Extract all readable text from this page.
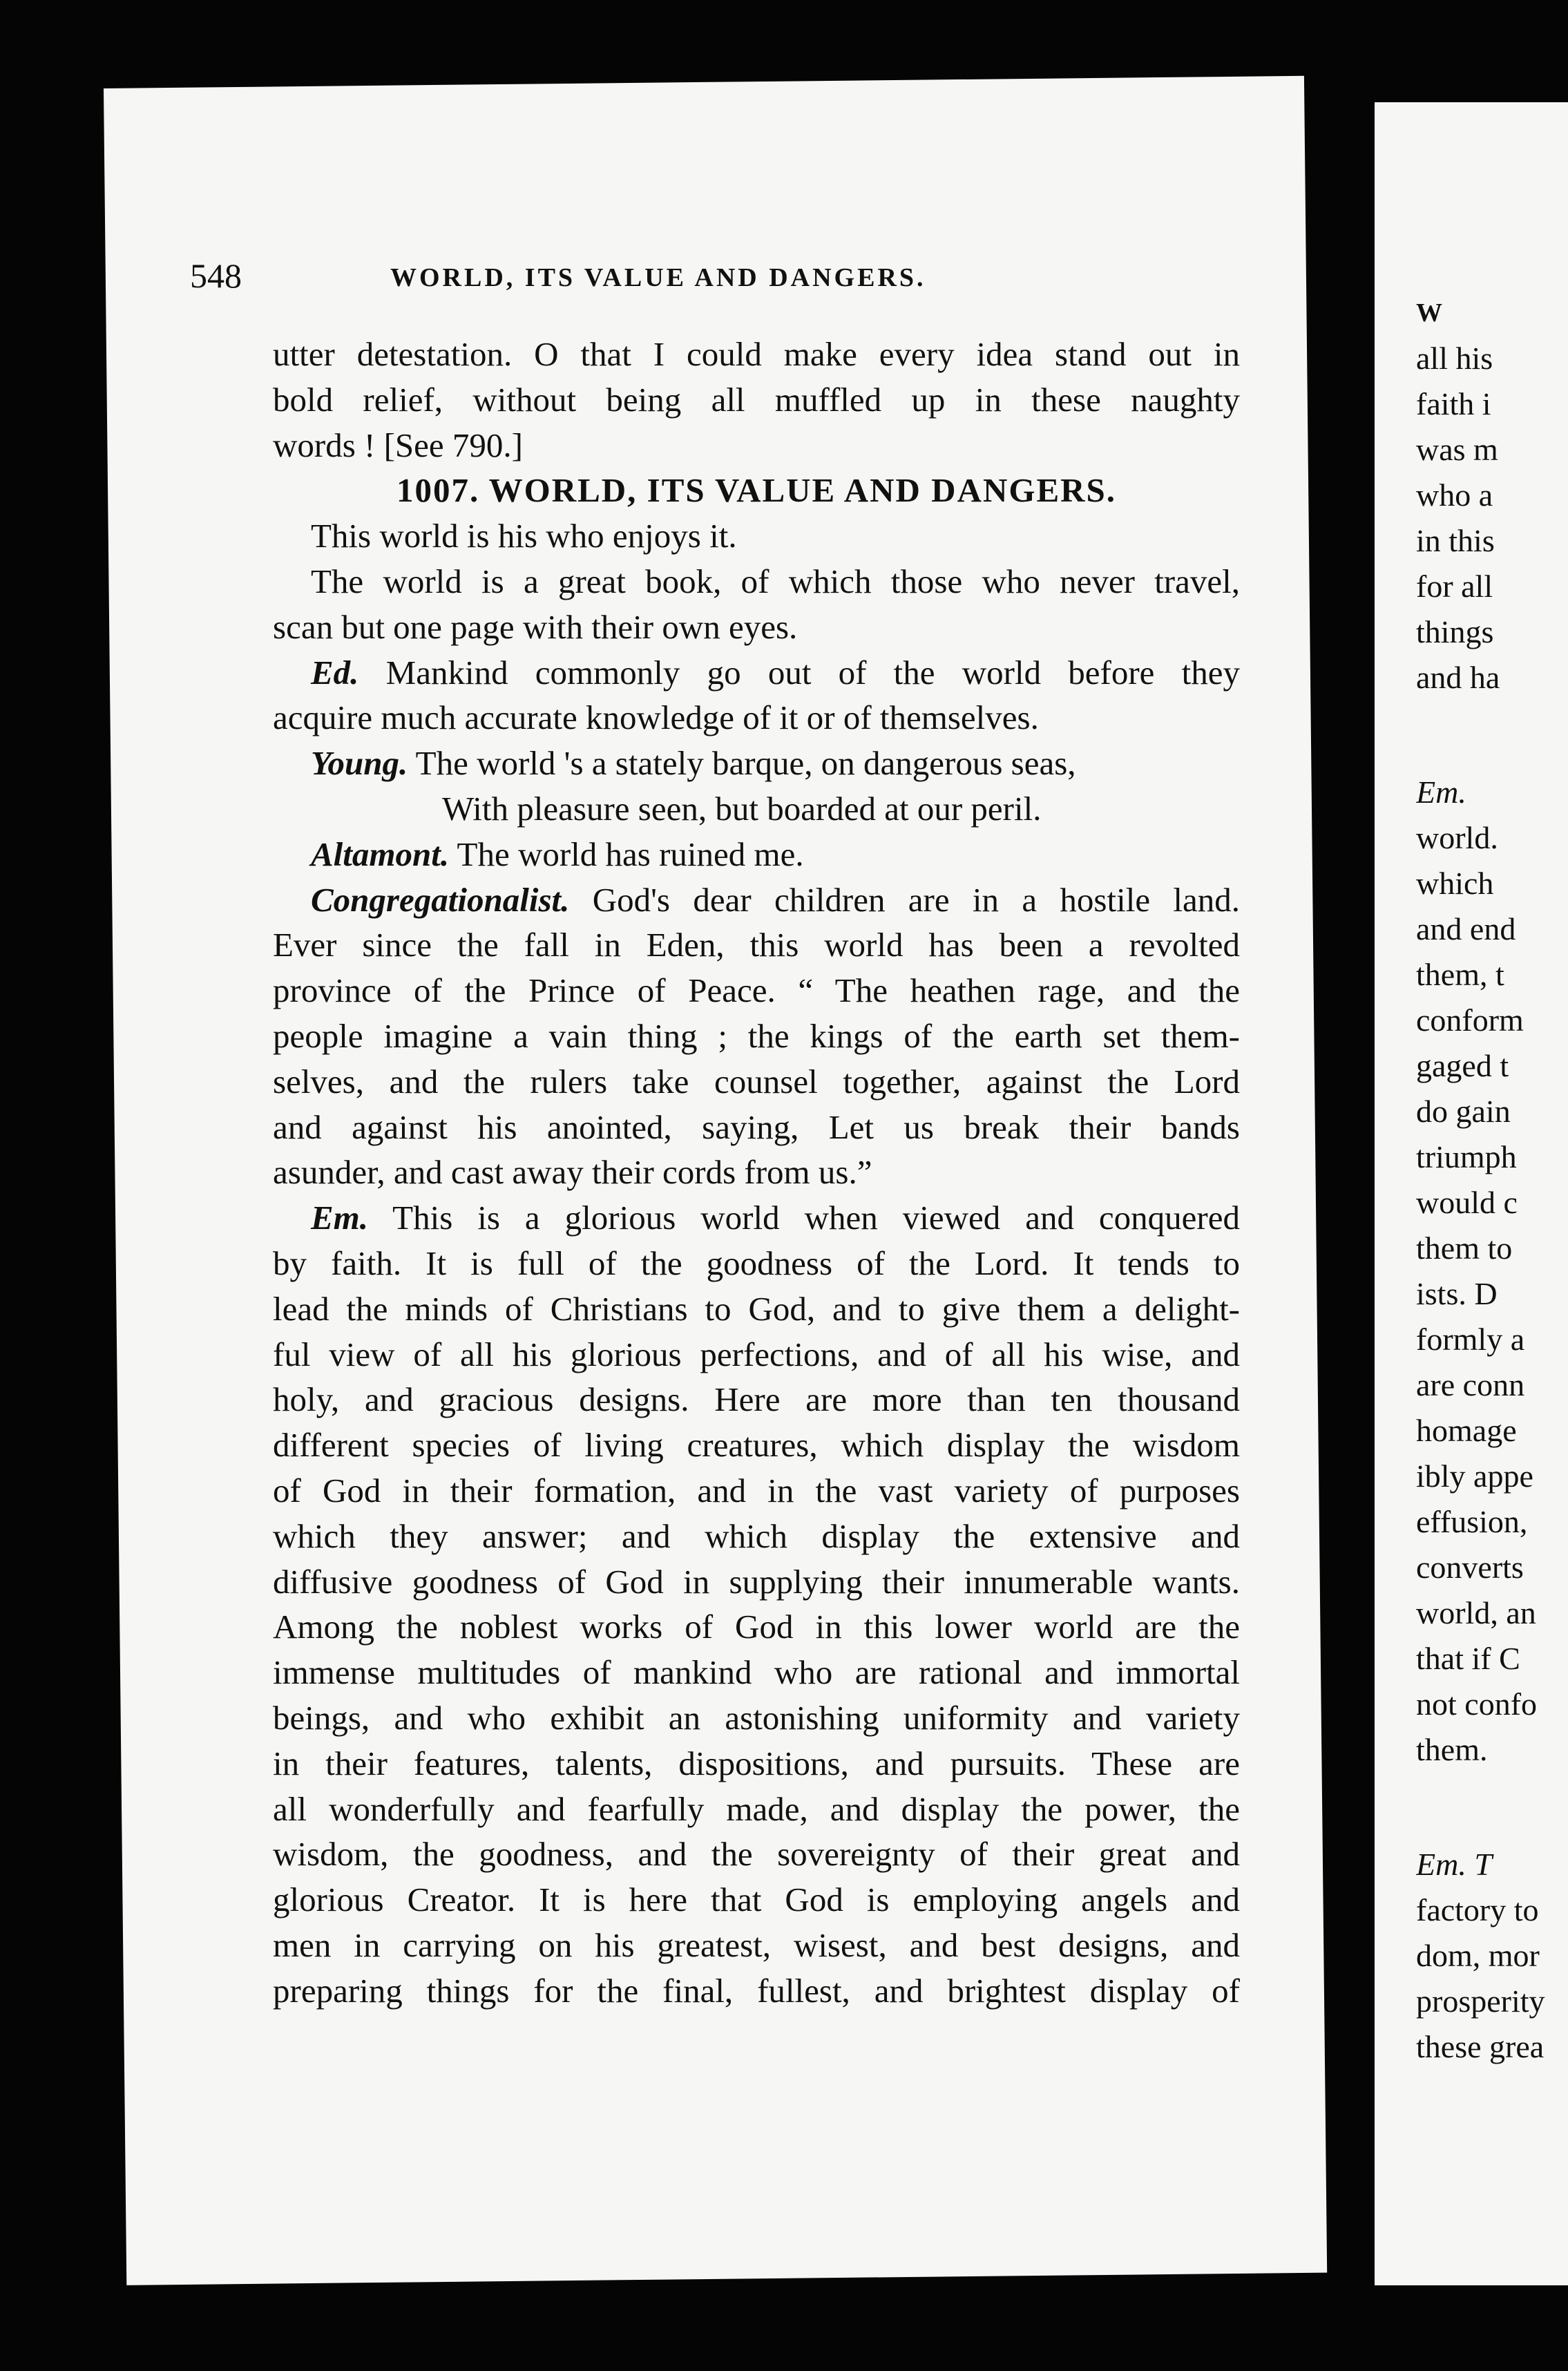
548	WORLD, ITS VALUE AND DANGERS.
utter detestation. O that I could make every idea stand out in
bold relief, without being all muffled up in these naughty
words ! [See 790.]
1007. WORLD, ITS VALUE AND DANGERS.
This world is his who enjoys it.
The world is a great book, of which those who never travel,
scan but one page with their own eyes.
Ed. Mankind commonly go out of the world before they
acquire much accurate knowledge of it or of themselves.
Young. The world 's a stately barque, on dangerous seas,
With pleasure seen, but boarded at our peril.
Altamont. The world has ruined me.
Congregationalist. God's dear children are in a hostile land.
Ever since the fall in Eden, this world has been a revolted
province of the Prince of Peace. “ The heathen rage, and the
people imagine a vain thing ; the kings of the earth set them-
selves, and the rulers take counsel together, against the Lord
and against his anointed, saying, Let us break their bands
asunder, and cast away their cords from us.”
Em. This is a glorious world when viewed and conquered
by faith. It is full of the goodness of the Lord. It tends to
lead the minds of Christians to God, and to give them a delight-
ful view of all his glorious perfections, and of all his wise, and
holy, and gracious designs. Here are more than ten thousand
different species of living creatures, which display the wisdom
of God in their formation, and in the vast variety of purposes
which they answer; and which display the extensive and
diffusive goodness of God in supplying their innumerable wants.
Among the noblest works of God in this lower world are the
immense multitudes of mankind who are rational and immortal
beings, and who exhibit an astonishing uniformity and variety
in their features, talents, dispositions, and pursuits. These are
all wonderfully and fearfully made, and display the power, the
wisdom, the goodness, and the sovereignty of their great and
glorious Creator. It is here that God is employing angels and
men in carrying on his greatest, wisest, and best designs, and
preparing things for the final, fullest, and brightest display of
W
all his
faith i
was m
who a
in this
for all
things
and ha
Em.
world.
which
and end
them, t
conform
gaged t
do gain
triumph
would c
them to
ists. D
formly a
are conn
homage
ibly appe
effusion,
converts
world, an
that if C
not confo
them.
Em. T
factory to
dom, mor
prosperity
these grea
